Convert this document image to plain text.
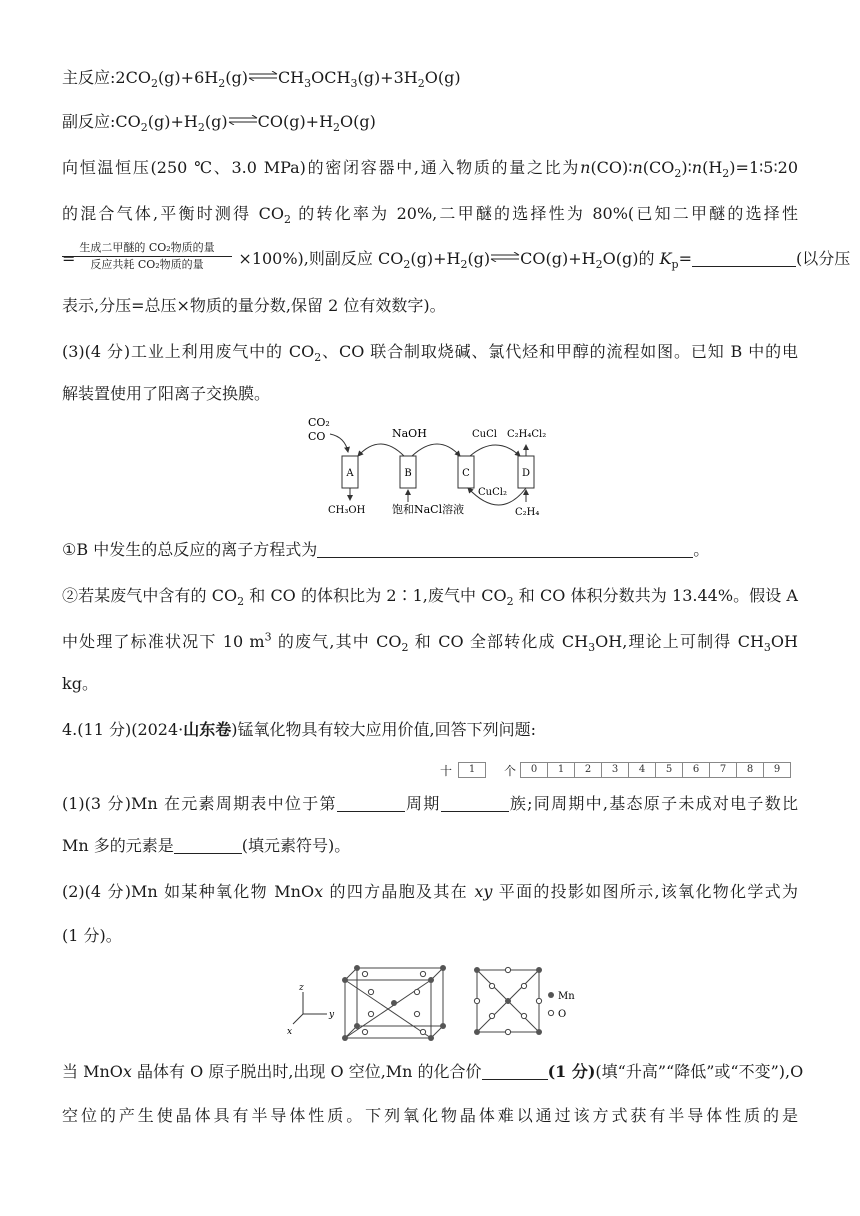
主反应$:2CO_2(g)+6H_2(g)\rightleftharpoons CH_3OCH_3(g)+3H_2O(g)$
副反应$:CO_2(g)+H_2(g)\rightleftharpoons CO(g)+H_2O(g)$
向恒温恒压(250 ℃、3.0 MPa)的密闭容器中,通入物质的量之比为$n(CO)∶n(CO_2)∶n(H_2)=1∶5∶20$
的混合气体,平衡时测得 $CO_2$ 的转化率为 20%,二甲醚的选择性为 80%(已知二甲醚的选择性
生成二甲醚的 CO₂物质的量
反应共耗 CO₂物质的量
=	×100%),则副反应 $CO_2(g)+H_2(g)\rightleftharpoons CO(g)+H_2O(g)$的 $K_p=$	(以分压
表示,分压=总压×物质的量分数,保留 2 位有效数字)。
(3)(4 分)工业上利用废气中的 $CO_2$、CO 联合制取烧碱、氯代烃和甲醇的流程如图。已知 B 中的电
解装置使用了阳离子交换膜。
CO₂
CO
A	B	C	D
NaOH	CuCl C₂H₄Cl₂
CuCl₂
CH₃OH 饱和NaCl溶液	C₂H₄
①B 中发生的总反应的离子方程式为	。
②若某废气中含有的 $CO_2$ 和 CO 的体积比为 2∶1,废气中 $CO_2$ 和 CO 体积分数共为 13.44%。假设 A
中处理了标准状况下 10 $m^3$ 的废气,其中 $CO_2$ 和 CO 全部转化成 $CH_3OH$,理论上可制得 $CH_3OH$
kg。
4.(11 分)(2024·山东卷)锰氧化物具有较大应用价值,回答下列问题:
十	1	个	0	1	2	3	4	5	6	7	8	9
(1)(3 分)Mn 在元素周期表中位于第	周期	族;同周期中,基态原子未成对电子数比
Mn 多的元素是	(填元素符号)。
(2)(4 分)Mn 如某种氧化物 MnOx 的四方晶胞及其在 xy 平面的投影如图所示,该氧化物化学式为
(1 分)。
z
y
x
Mn
O
当 MnOx 晶体有 O 原子脱出时,出现 O 空位,Mn 的化合价	(1 分)(填“升高”“降低”或“不变”),O
空位的产生使晶体具有半导体性质。下列氧化物晶体难以通过该方式获有半导体性质的是
